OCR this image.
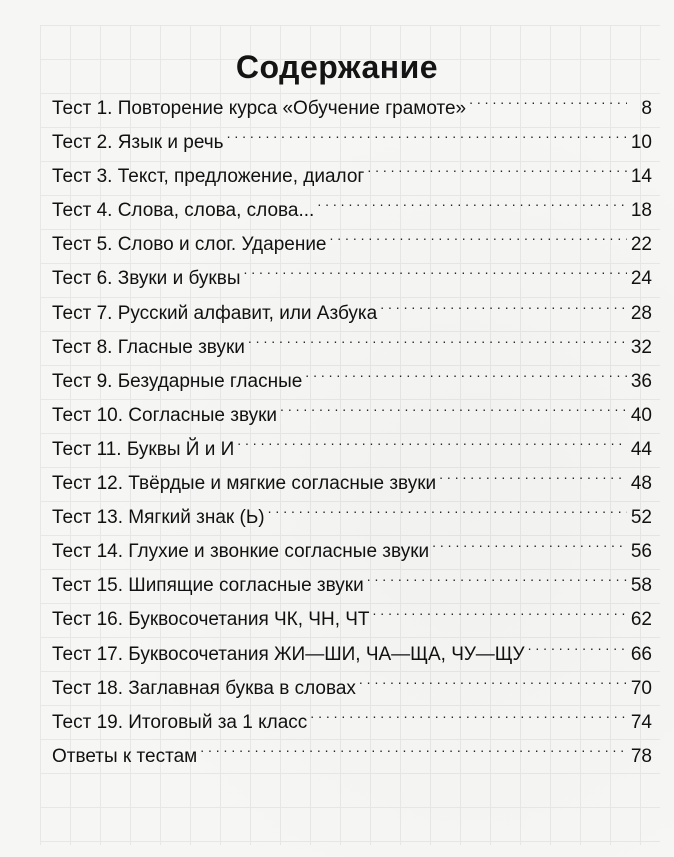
Содержание
Тест 1. Повторение курса «Обучение грамоте» . . .	8
Тест 2. Язык и речь . . .	10
Тест 3. Текст, предложение, диалог . . .	14
Тест 4. Слова, слова, слова... . . .	18
Тест 5. Слово и слог. Ударение . . .	22
Тест 6. Звуки и буквы . . .	24
Тест 7. Русский алфавит, или Азбука . . .	28
Тест 8. Гласные звуки . . .	32
Тест 9. Безударные гласные . . .	36
Тест 10. Согласные звуки . . .	40
Тест 11. Буквы Й и И . . .	44
Тест 12. Твёрдые и мягкие согласные звуки . . .	48
Тест 13. Мягкий знак (Ь) . . .	52
Тест 14. Глухие и звонкие согласные звуки . . .	56
Тест 15. Шипящие согласные звуки . . .	58
Тест 16. Буквосочетания ЧК, ЧН, ЧТ . . .	62
Тест 17. Буквосочетания ЖИ—ШИ, ЧА—ЩА, ЧУ—ЩУ . . .	66
Тест 18. Заглавная буква в словах . . .	70
Тест 19. Итоговый за 1 класс . . .	74
Ответы к тестам . . .	78
